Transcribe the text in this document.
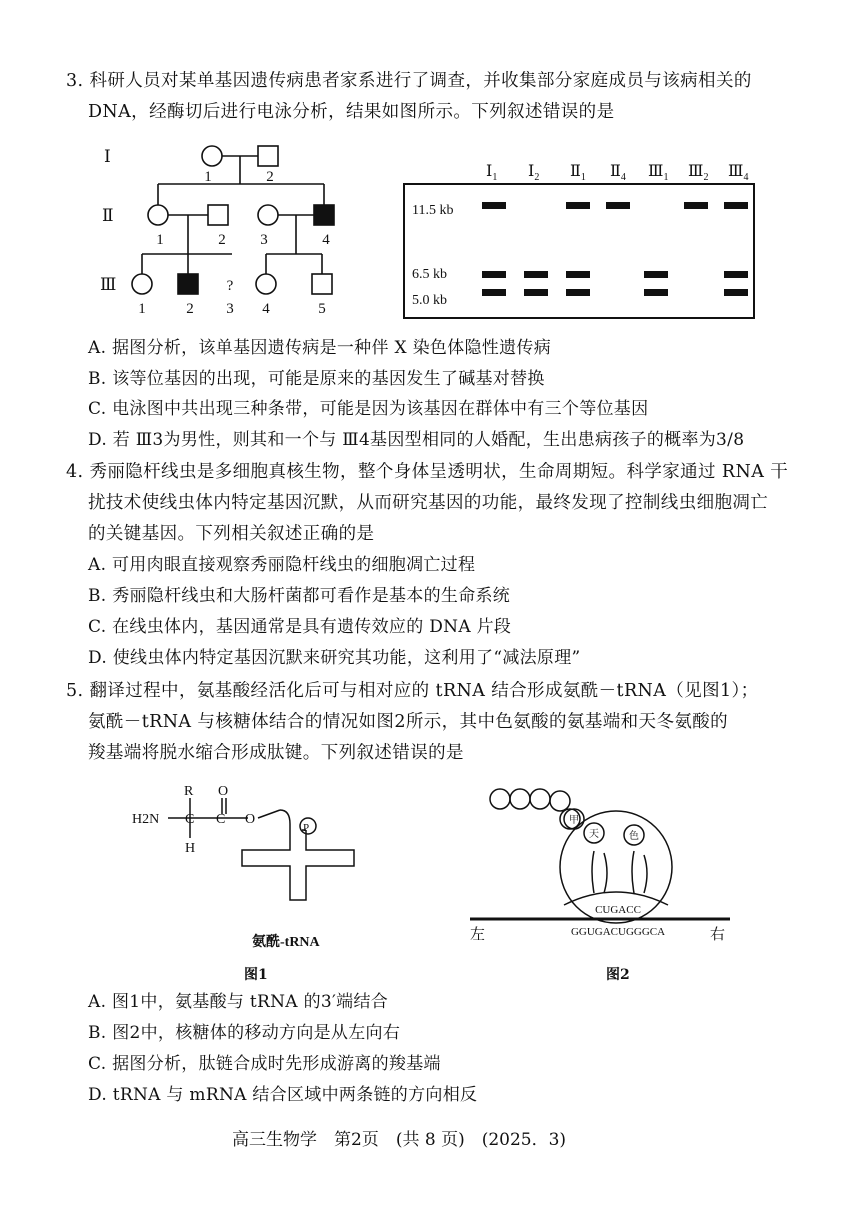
3. 科研人员对某单基因遗传病患者家系进行了调查，并收集部分家庭成员与该病相关的
DNA，经酶切后进行电泳分析，结果如图所示。下列叙述错误的是
Ⅰ
Ⅱ
Ⅲ
1	2
1	2 3	4
1	2 3 4	5
?
$Ⅰ_1$ $Ⅰ_2$ $Ⅱ_1$ $Ⅱ_4$ $Ⅲ_1$ $Ⅲ_2$ $Ⅲ_4$
11.5 kb
6.5 kb
5.0 kb
A. 据图分析，该单基因遗传病是一种伴 X 染色体隐性遗传病
B. 该等位基因的出现，可能是原来的基因发生了碱基对替换
C. 电泳图中共出现三种条带，可能是因为该基因在群体中有三个等位基因
D. 若 Ⅲ3为男性，则其和一个与 Ⅲ4基因型相同的人婚配，生出患病孩子的概率为3/8
4. 秀丽隐杆线虫是多细胞真核生物，整个身体呈透明状，生命周期短。科学家通过 RNA 干
扰技术使线虫体内特定基因沉默，从而研究基因的功能，最终发现了控制线虫细胞凋亡
的关键基因。下列相关叙述正确的是
A. 可用肉眼直接观察秀丽隐杆线虫的细胞凋亡过程
B. 秀丽隐杆线虫和大肠杆菌都可看作是基本的生命系统
C. 在线虫体内，基因通常是具有遗传效应的 DNA 片段
D. 使线虫体内特定基因沉默来研究其功能，这利用了“减法原理”
5. 翻译过程中，氨基酸经活化后可与相对应的 tRNA 结合形成氨酰－tRNA（见图1）；
氨酰－tRNA 与核糖体结合的情况如图2所示，其中色氨酸的氨基端和天冬氨酸的
羧基端将脱水缩合形成肽键。下列叙述错误的是
R
H2N C
O
C O
H
P
氨酰-tRNA
图1
甲
天	色
CUGACC
GGUGACUGGGCA
左	右
图2
A. 图1中，氨基酸与 tRNA 的3′端结合
B. 图2中，核糖体的移动方向是从左向右
C. 据图分析，肽链合成时先形成游离的羧基端
D. tRNA 与 mRNA 结合区域中两条链的方向相反
高三生物学　第2页　(共 8 页)　(2025．3)
